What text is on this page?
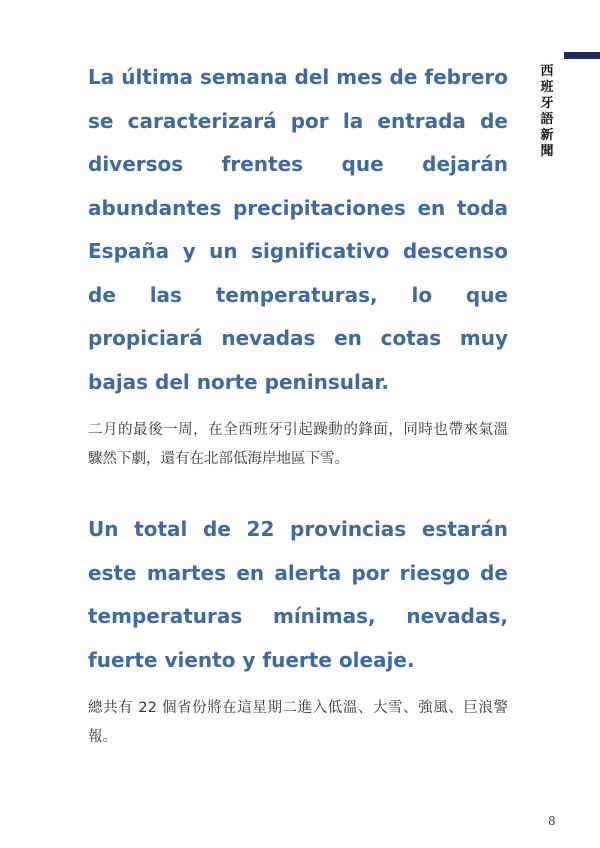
西班牙語新聞

La última semana del mes de febrero se caracterizará por la entrada de diversos frentes que dejarán abundantes precipitaciones en toda España y un significativo descenso de las temperaturas, lo que propiciará nevadas en cotas muy bajas del norte peninsular.

二月的最後一周，在全西班牙引起躁動的鋒面，同時也帶來氣溫驟然下劇，還有在北部低海岸地區下雪。

Un total de 22 provincias estarán este martes en alerta por riesgo de temperaturas mínimas, nevadas, fuerte viento y fuerte oleaje.

總共有 22 個省份將在這星期二進入低溫、大雪、強風、巨浪警報。

8
